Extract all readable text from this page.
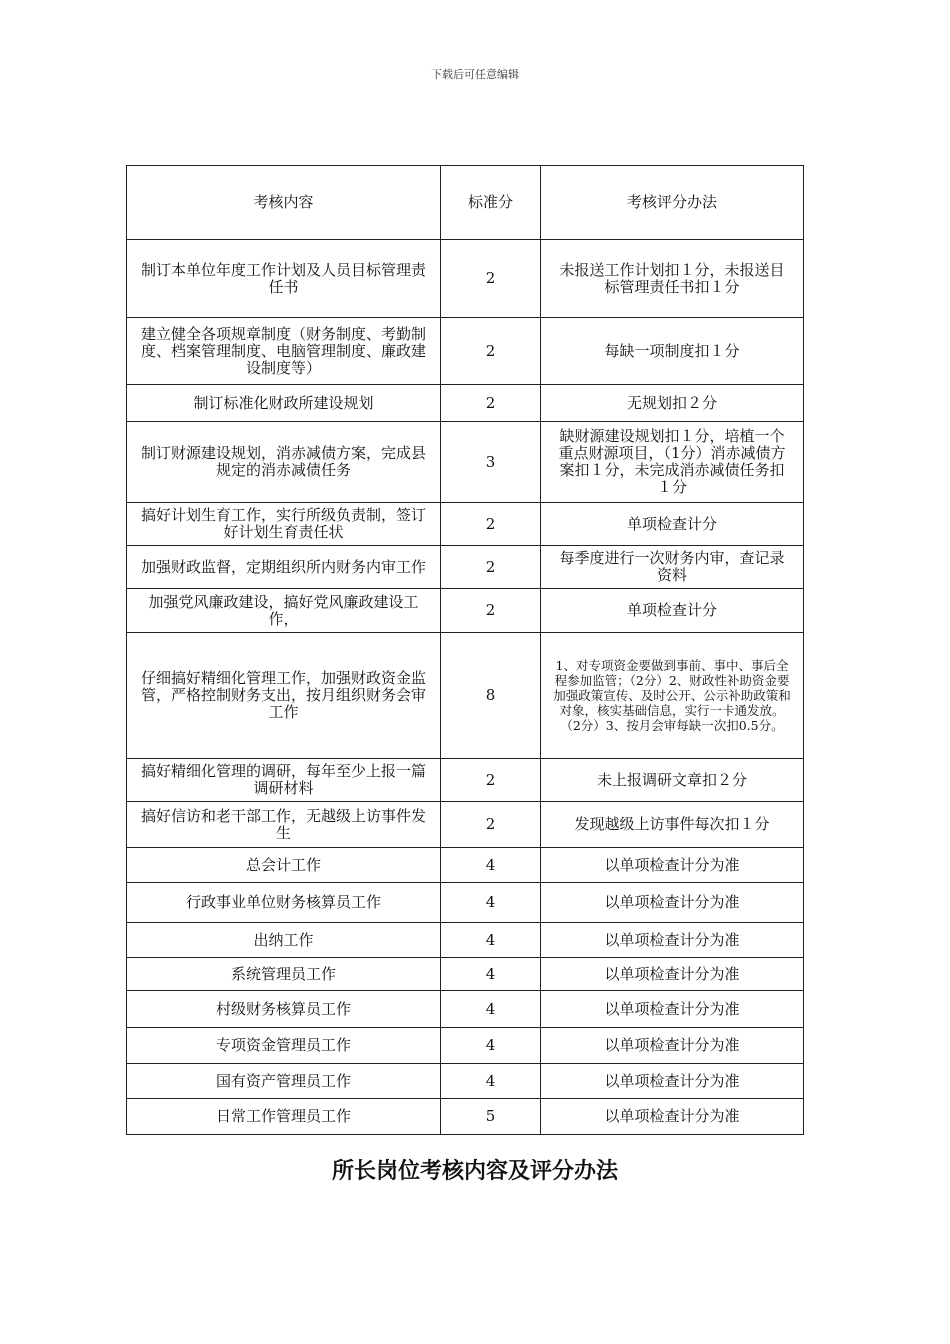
下载后可任意编辑
考核内容	标准分	考核评分办法
制订本单位年度工作计划及人员目标管理责任书	2	未报送工作计划扣１分，未报送目标管理责任书扣１分
建立健全各项规章制度（财务制度、考勤制度、档案管理制度、电脑管理制度、廉政建设制度等）	2	每缺一项制度扣１分
制订标准化财政所建设规划	2	无规划扣２分
制订财源建设规划，消赤减债方案，完成县规定的消赤减债任务	3	缺财源建设规划扣１分，培植一个重点财源项目，（1分）消赤减债方案扣１分，未完成消赤减债任务扣１分
搞好计划生育工作，实行所级负责制，签订好计划生育责任状	2	单项检查计分
加强财政监督，定期组织所内财务内审工作	2	每季度进行一次财务内审，查记录资料
加强党风廉政建设，搞好党风廉政建设工作，	2	单项检查计分
仔细搞好精细化管理工作，加强财政资金监管，严格控制财务支出，按月组织财务会审工作	8	1、对专项资金要做到事前、事中、事后全程参加监管；（2分）2、财政性补助资金要加强政策宣传、及时公开、公示补助政策和对象，核实基础信息，实行一卡通发放。（2分）3、按月会审每缺一次扣0.5分。
搞好精细化管理的调研，每年至少上报一篇调研材料	2	未上报调研文章扣２分
搞好信访和老干部工作，无越级上访事件发生	2	发现越级上访事件每次扣１分
总会计工作	4	以单项检查计分为准
行政事业单位财务核算员工作	4	以单项检查计分为准
出纳工作	4	以单项检查计分为准
系统管理员工作	4	以单项检查计分为准
村级财务核算员工作	4	以单项检查计分为准
专项资金管理员工作	4	以单项检查计分为准
国有资产管理员工作	4	以单项检查计分为准
日常工作管理员工作	5	以单项检查计分为准
所长岗位考核内容及评分办法
